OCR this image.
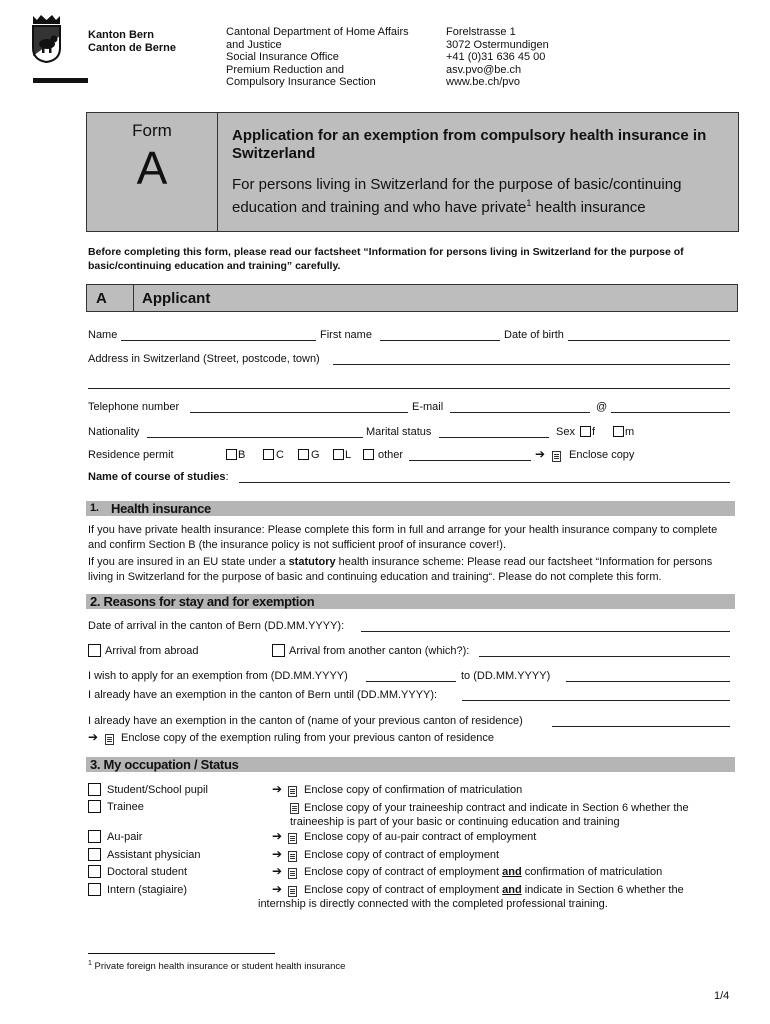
Kanton Bern
Canton de Berne
Cantonal Department of Home Affairs
and Justice
Social Insurance Office
Premium Reduction and
Compulsory Insurance Section
Forelstrasse 1
3072 Ostermundigen
+41 (0)31 636 45 00
asv.pvo@be.ch
www.be.ch/pvo
Form
A
Application for an exemption from compulsory health insurance in Switzerland
For persons living in Switzerland for the purpose of basic/continuing education and training and who have private$^1$ health insurance
Before completing this form, please read our factsheet “Information for persons living in Switzerland for the purpose of basic/continuing education and training” carefully.
A Applicant
Name	First name	Date of birth
Address in Switzerland (Street, postcode, town)
Telephone number	E-mail	@
Nationality	Marital status	Sex f	m
Residence permit	B	C G L other	➔ Enclose copy
Name of course of studies:
1. Health insurance
If you have private health insurance: Please complete this form in full and arrange for your health insurance company to complete and confirm Section B (the insurance policy is not sufficient proof of insurance cover!).
If you are insured in an EU state under a statutory health insurance scheme: Please read our factsheet “Information for persons living in Switzerland for the purpose of basic and continuing education and training“. Please do not complete this form.
2. Reasons for stay and for exemption
Date of arrival in the canton of Bern (DD.MM.YYYY):
Arrival from abroad	Arrival from another canton (which?):
I wish to apply for an exemption from (DD.MM.YYYY)	to (DD.MM.YYYY)
I already have an exemption in the canton of Bern until (DD.MM.YYYY):
I already have an exemption in the canton of (name of your previous canton of residence)
➔ Enclose copy of the exemption ruling from your previous canton of residence
3. My occupation / Status
Student/School pupil	➔ Enclose copy of confirmation of matriculation
Trainee	Enclose copy of your traineeship contract and indicate in Section 6 whether the traineeship is part of your basic or continuing education and training
Au-pair	➔ Enclose copy of au-pair contract of employment
Assistant physician	➔ Enclose copy of contract of employment
Doctoral student	➔ Enclose copy of contract of employment and confirmation of matriculation
Intern (stagiaire)	➔ Enclose copy of contract of employment and indicate in Section 6 whether the
internship is directly connected with the completed professional training.
$^1$ Private foreign health insurance or student health insurance
1/4
